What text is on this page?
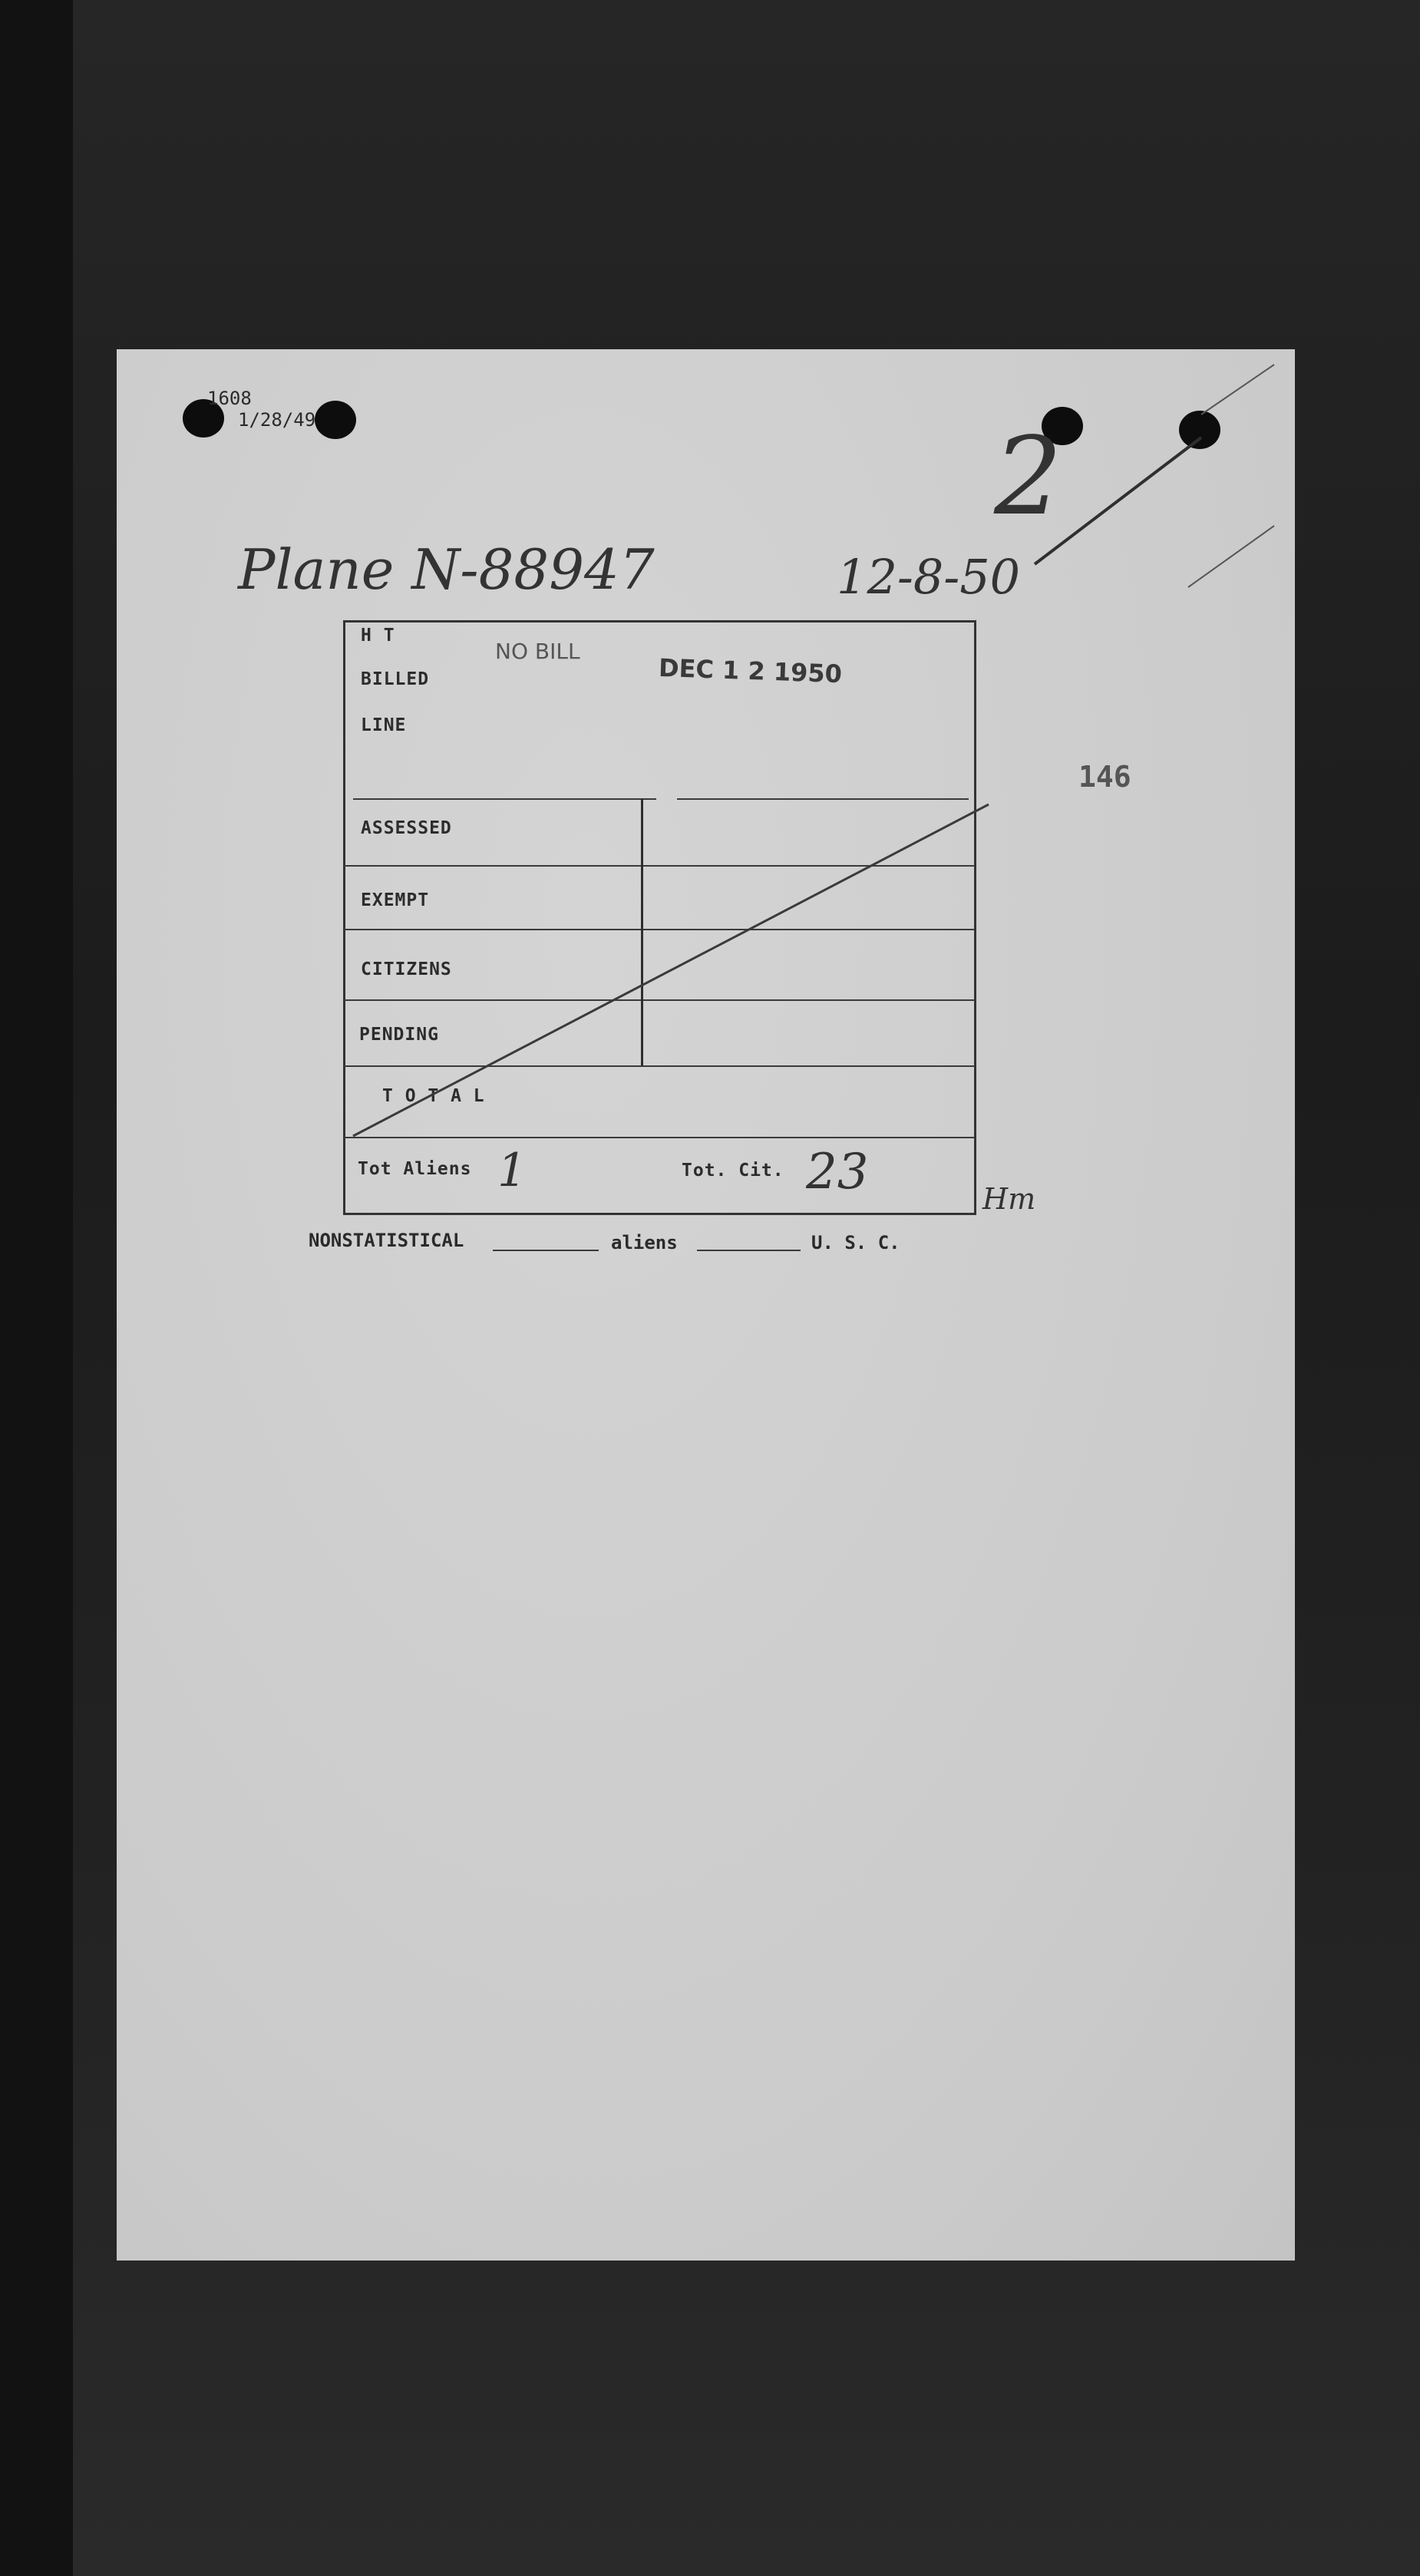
1608
1/28/49
Plane N-88947	12-8-50
2
146
H T
BILLED
LINE
NO BILL
DEC 1 2 1950
ASSESSED
EXEMPT
CITIZENS
PENDING
T O T A L
Tot Aliens 1	Tot. Cit. 23	Hm
NONSTATISTICAL	aliens	U. S. C.
